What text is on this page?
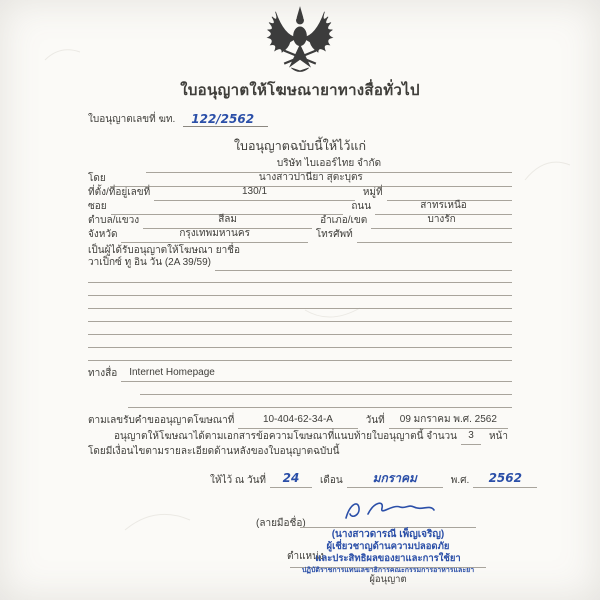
ใบอนุญาตให้โฆษณายาทางสื่อทั่วไป
ใบอนุญาตเลขที่ ฆท.	122/2562
ใบอนุญาตฉบับนี้ให้ไว้แก่
บริษัท ไบเออร์ไทย จำกัด
โดย	นางสาวปานียา สุตะบุตร
ที่ตั้ง/ที่อยู่เลขที่	130/1	หมู่ที่
ซอย	ถนน	สาทรเหนือ
ตำบล/แขวง	สีลม	อำเภอ/เขต	บางรัก
จังหวัด	กรุงเทพมหานคร	โทรศัพท์
เป็นผู้ได้รับอนุญาตให้โฆษณา ยาชื่อ
วาเป็กซ์ ทู อิน วัน (2A 39/59)
ทางสื่อ	Internet Homepage
ตามเลขรับคำขออนุญาตโฆษณาที่	10-404-62-34-A	วันที่	09 มกราคม พ.ศ. 2562
อนุญาตให้โฆษณาได้ตามเอกสารข้อความโฆษณาที่แนบท้ายใบอนุญาตนี้ จำนวน	3	หน้า
โดยมีเงื่อนไขตามรายละเอียดด้านหลังของใบอนุญาตฉบับนี้
ให้ไว้ ณ วันที่	24	เดือน	มกราคม	พ.ศ.	2562
(ลายมือชื่อ)
(นางสาวดารณี เพ็ญเจริญ)
ผู้เชี่ยวชาญด้านความปลอดภัย
ตำแหน่ง
และประสิทธิผลของยาและการใช้ยา
ปฏิบัติราชการแทนเลขาธิการคณะกรรมการอาหารและยา
ผู้อนุญาต
